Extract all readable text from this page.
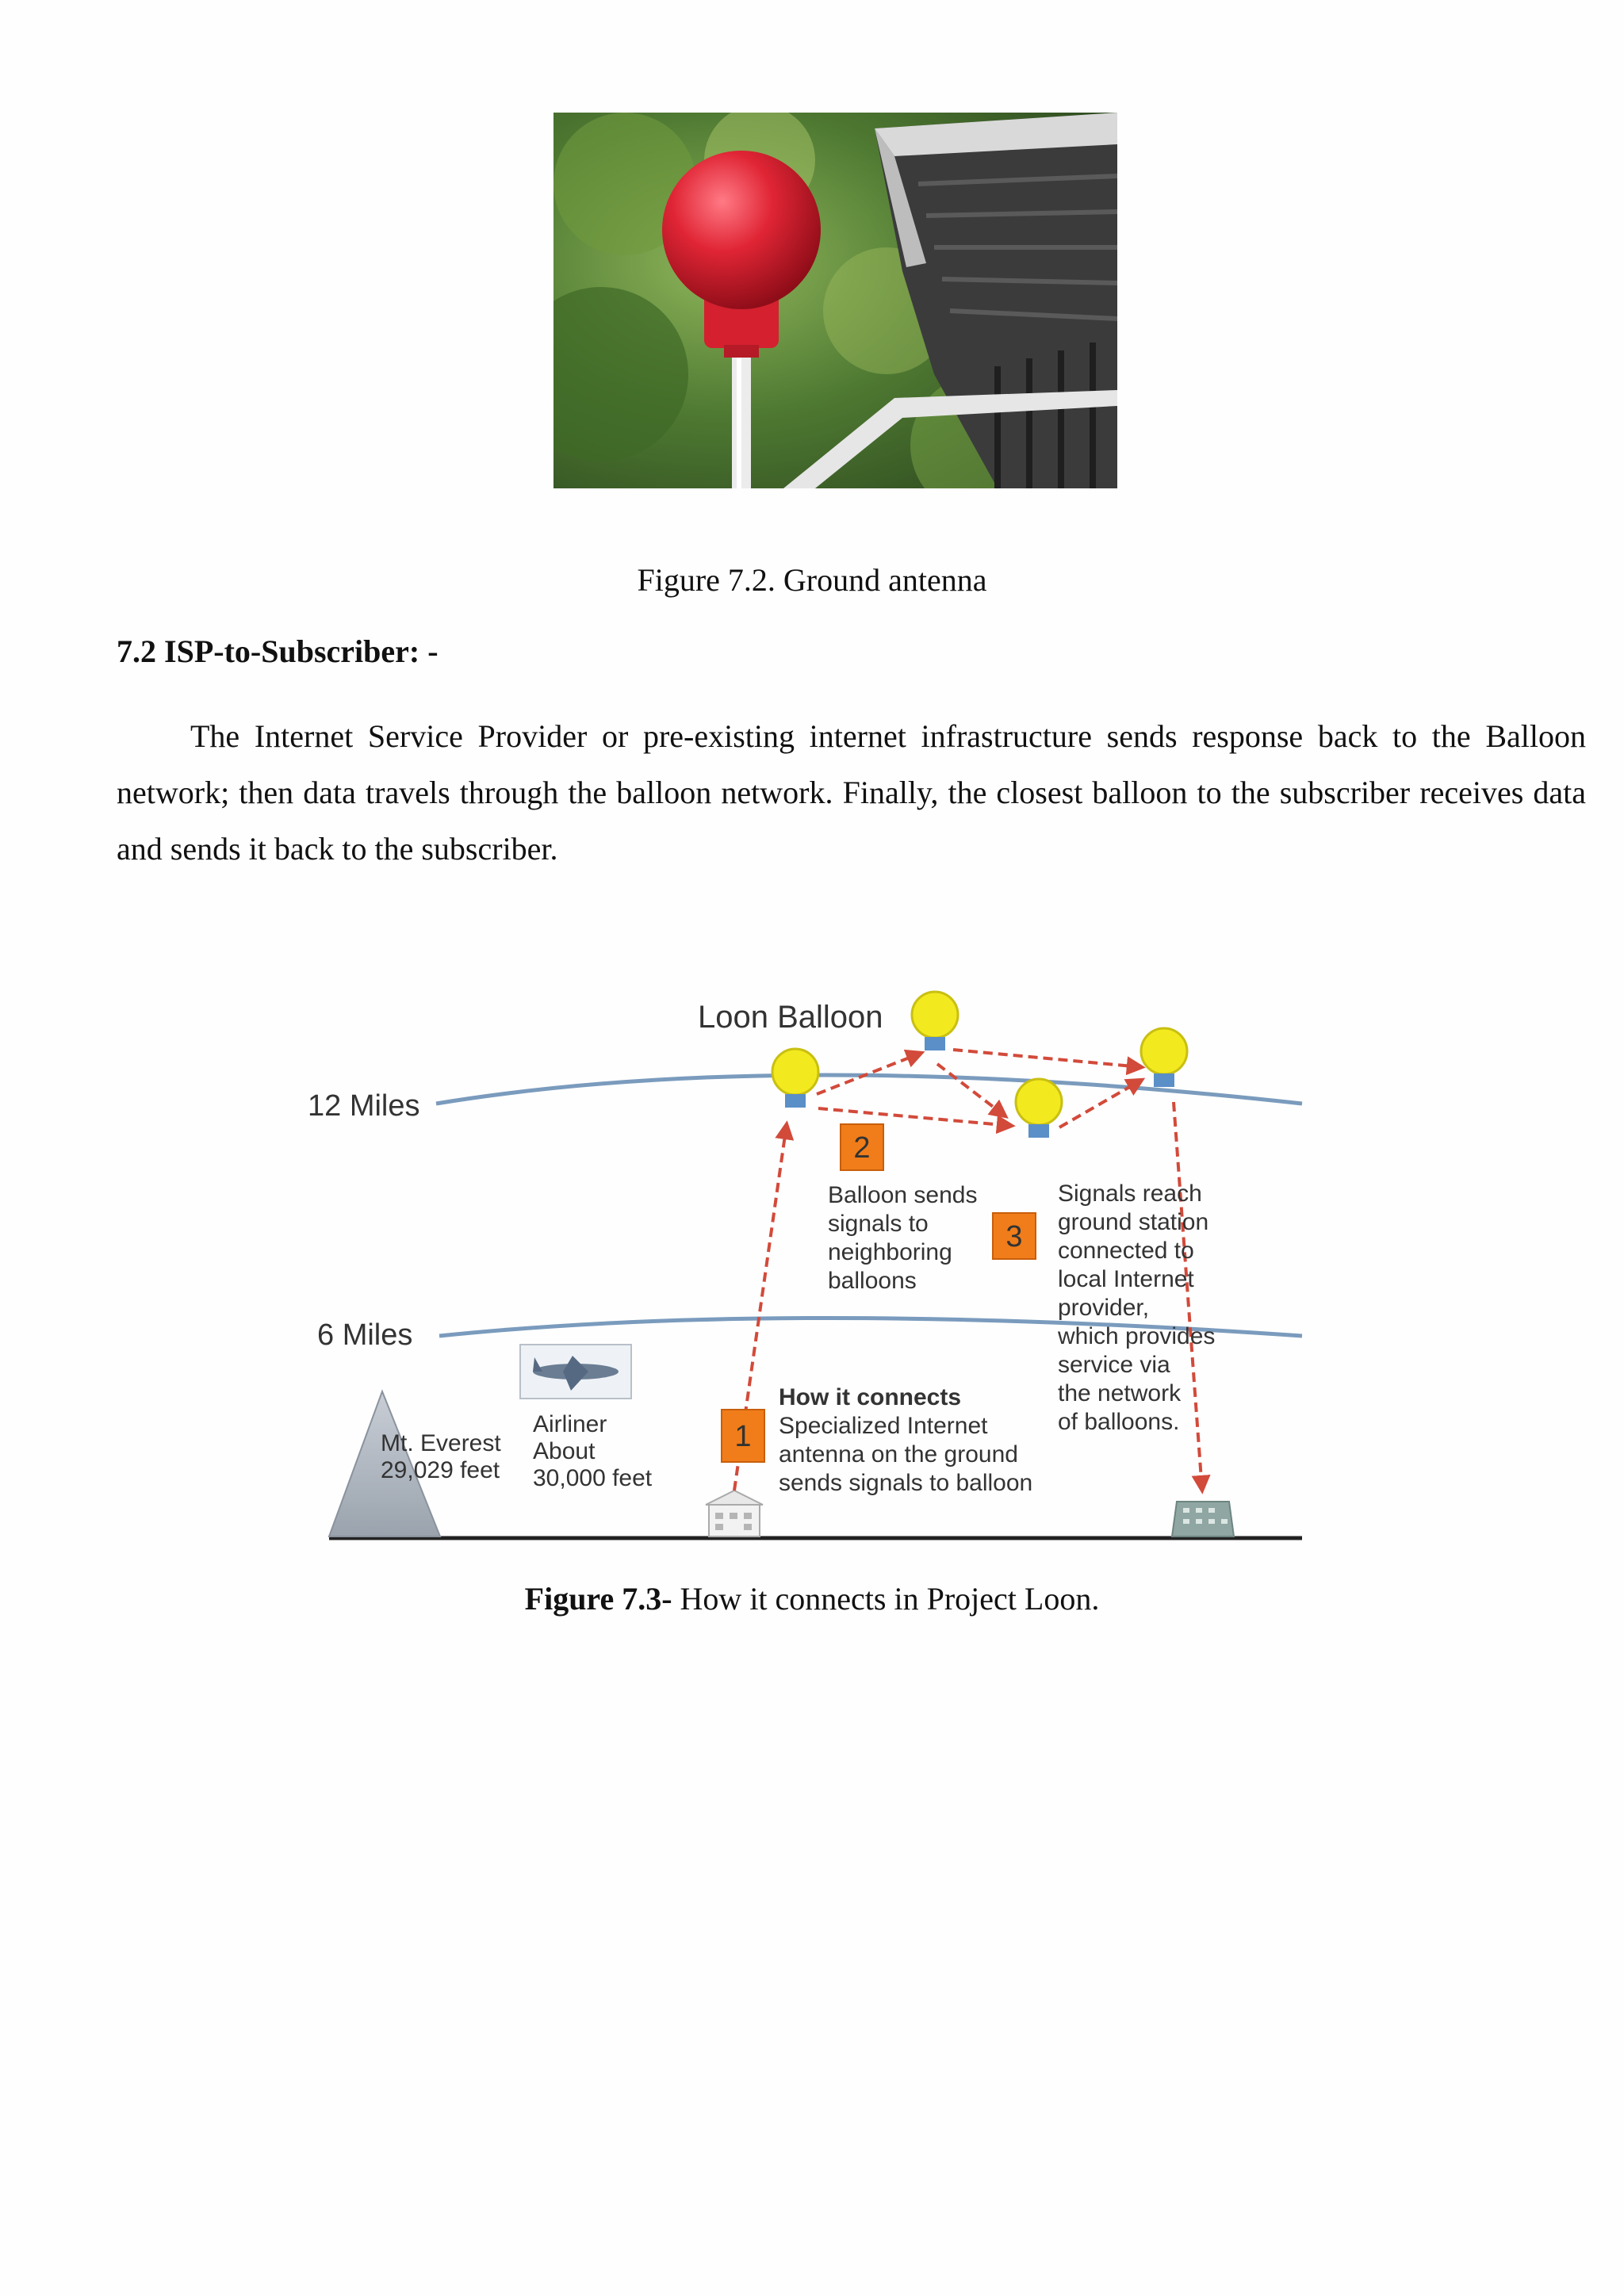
Figure 7.2. Ground antenna
7.2 ISP-to-Subscriber: -

The Internet Service Provider or pre-existing internet infrastructure sends response back to the Balloon network; then data travels through the balloon network. Finally, the closest balloon to the subscriber receives data and sends it back to the subscriber.

12 Miles
6 Miles
Loon Balloon
Mt. Everest
29,029 feet
Airliner
About
30,000 feet
2
Balloon sends
signals to
neighboring
balloons
3
Signals reach
ground station
connected to
local Internet
provider,
which provides
service via
the network
of balloons.
1
How it connects
Specialized Internet
antenna on the ground
sends signals to balloon
Figure 7.3- How it connects in Project Loon.
